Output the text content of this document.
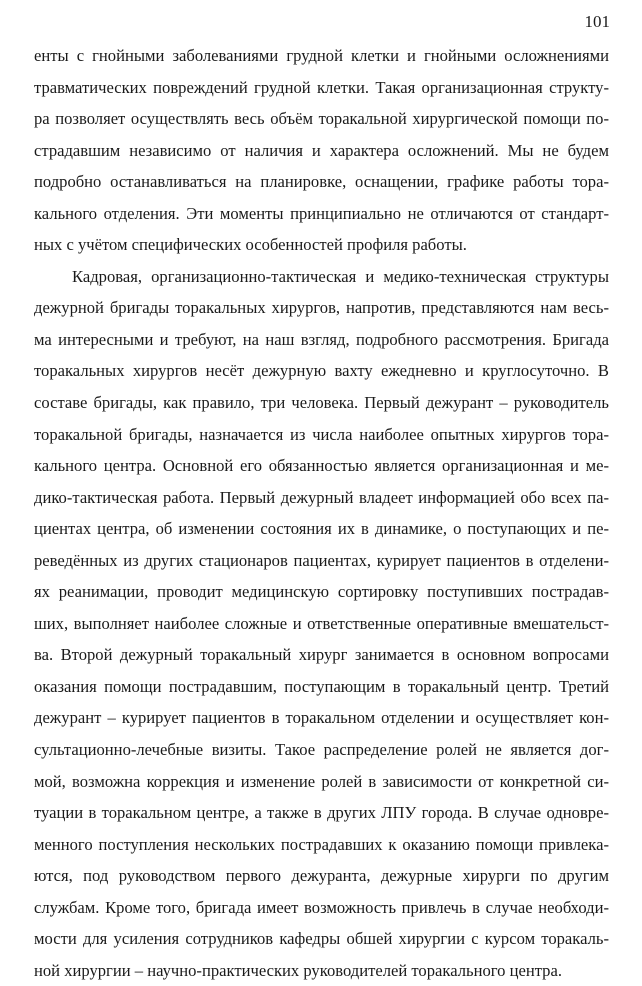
101
енты с гнойными заболеваниями грудной клетки и гнойными осложнениями
травматических повреждений грудной клетки. Такая организационная структу-
ра позволяет осуществлять весь объём торакальной хирургической помощи по-
страдавшим независимо от наличия и характера осложнений. Мы не будем
подробно останавливаться на планировке, оснащении, графике работы тора-
кального отделения. Эти моменты принципиально не отличаются от стандарт-
ных с учётом специфических особенностей профиля работы.
Кадровая, организационно-тактическая и медико-техническая структуры
дежурной бригады торакальных хирургов, напротив, представляются нам весь-
ма интересными и требуют, на наш взгляд, подробного рассмотрения. Бригада
торакальных хирургов несёт дежурную вахту ежедневно и круглосуточно. В
составе бригады, как правило, три человека. Первый дежурант – руководитель
торакальной бригады, назначается из числа наиболее опытных хирургов тора-
кального центра. Основной его обязанностью является организационная и ме-
дико-тактическая работа. Первый дежурный владеет информацией обо всех па-
циентах центра, об изменении состояния их в динамике, о поступающих и пе-
реведённых из других стационаров пациентах, курирует пациентов в отделени-
ях реанимации, проводит медицинскую сортировку поступивших пострадав-
ших, выполняет наиболее сложные и ответственные оперативные вмешательст-
ва. Второй дежурный торакальный хирург занимается в основном вопросами
оказания помощи пострадавшим, поступающим в торакальный центр. Третий
дежурант – курирует пациентов в торакальном отделении и осуществляет кон-
сультационно-лечебные визиты. Такое распределение ролей не является дог-
мой, возможна коррекция и изменение ролей в зависимости от конкретной си-
туации в торакальном центре, а также в других ЛПУ города. В случае одновре-
менного поступления нескольких пострадавших к оказанию помощи привлека-
ются, под руководством первого дежуранта, дежурные хирурги по другим
службам. Кроме того, бригада имеет возможность привлечь в случае необходи-
мости для усиления сотрудников кафедры обшей хирургии с курсом торакаль-
ной хирургии – научно-практических руководителей торакального центра.
